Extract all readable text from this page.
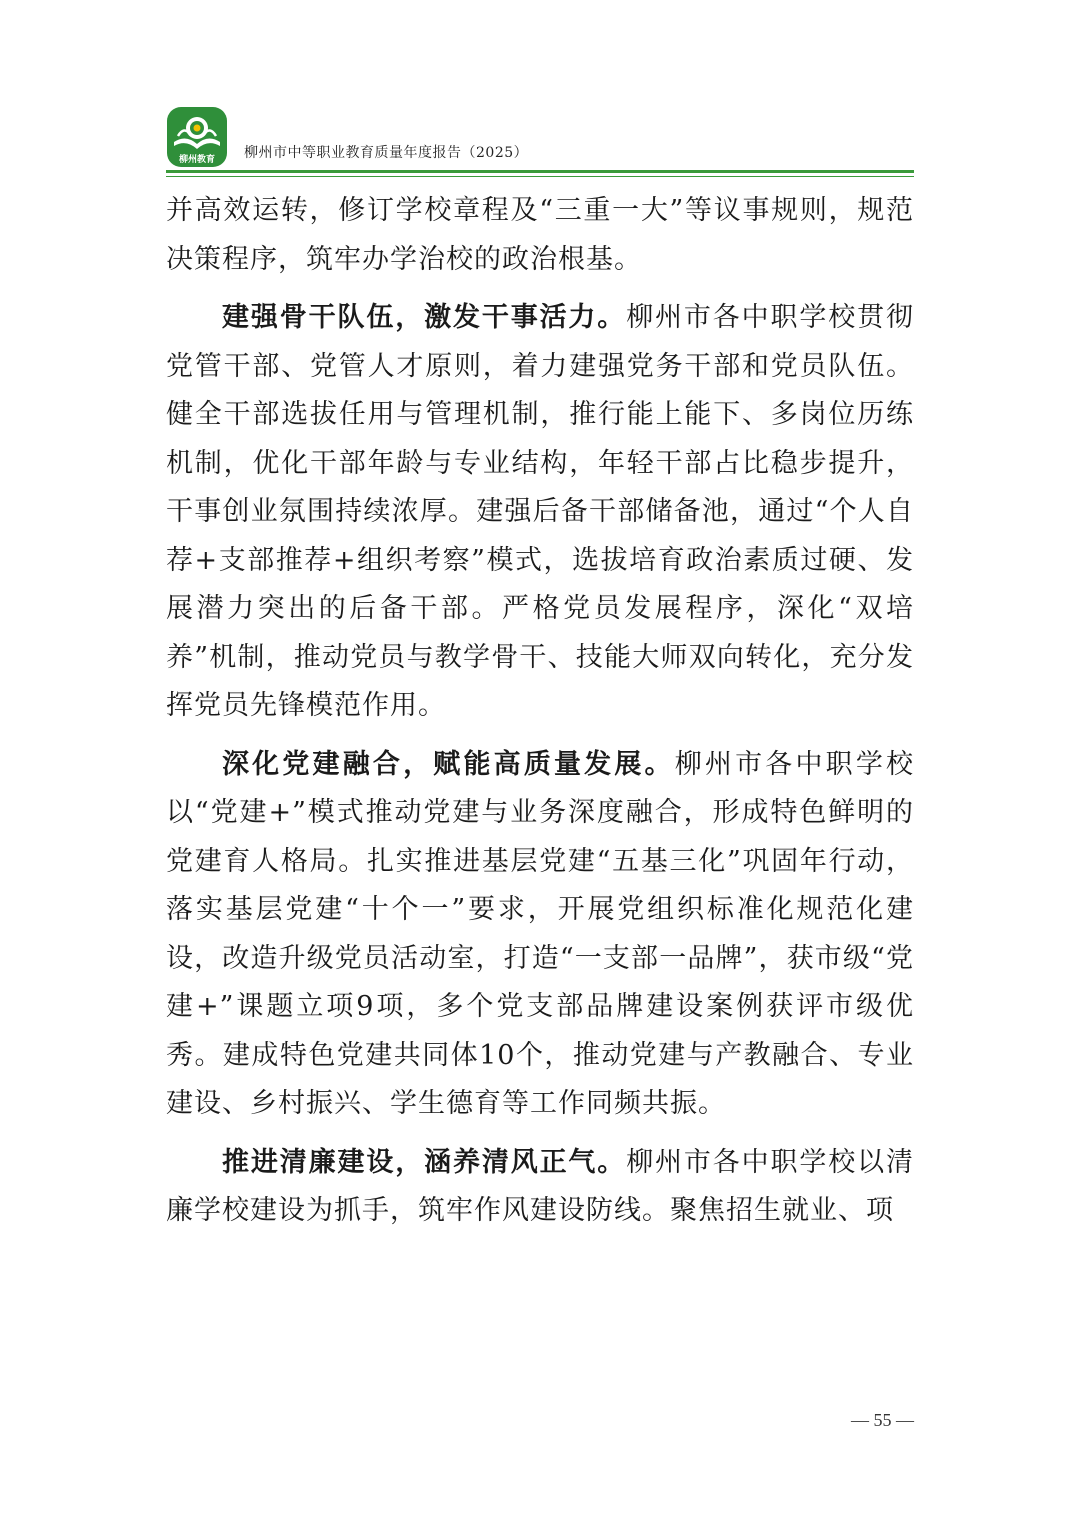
柳州教育 柳州市中等职业教育质量年度报告（2025）

并高效运转，修订学校章程及“三重一大”等议事规则，规范决策程序，筑牢办学治校的政治根基。

建强骨干队伍，激发干事活力。柳州市各中职学校贯彻党管干部、党管人才原则，着力建强党务干部和党员队伍。健全干部选拔任用与管理机制，推行能上能下、多岗位历练机制，优化干部年龄与专业结构，年轻干部占比稳步提升，干事创业氛围持续浓厚。建强后备干部储备池，通过“个人自荐+支部推荐+组织考察”模式，选拔培育政治素质过硬、发展潜力突出的后备干部。严格党员发展程序，深化“双培养”机制，推动党员与教学骨干、技能大师双向转化，充分发挥党员先锋模范作用。

深化党建融合，赋能高质量发展。柳州市各中职学校以“党建+”模式推动党建与业务深度融合，形成特色鲜明的党建育人格局。扎实推进基层党建“五基三化”巩固年行动，落实基层党建“十个一”要求，开展党组织标准化规范化建设，改造升级党员活动室，打造“一支部一品牌”，获市级“党建+”课题立项9项，多个党支部品牌建设案例获评市级优秀。建成特色党建共同体10个，推动党建与产教融合、专业建设、乡村振兴、学生德育等工作同频共振。

推进清廉建设，涵养清风正气。柳州市各中职学校以清廉学校建设为抓手，筑牢作风建设防线。聚焦招生就业、项

— 55 —
